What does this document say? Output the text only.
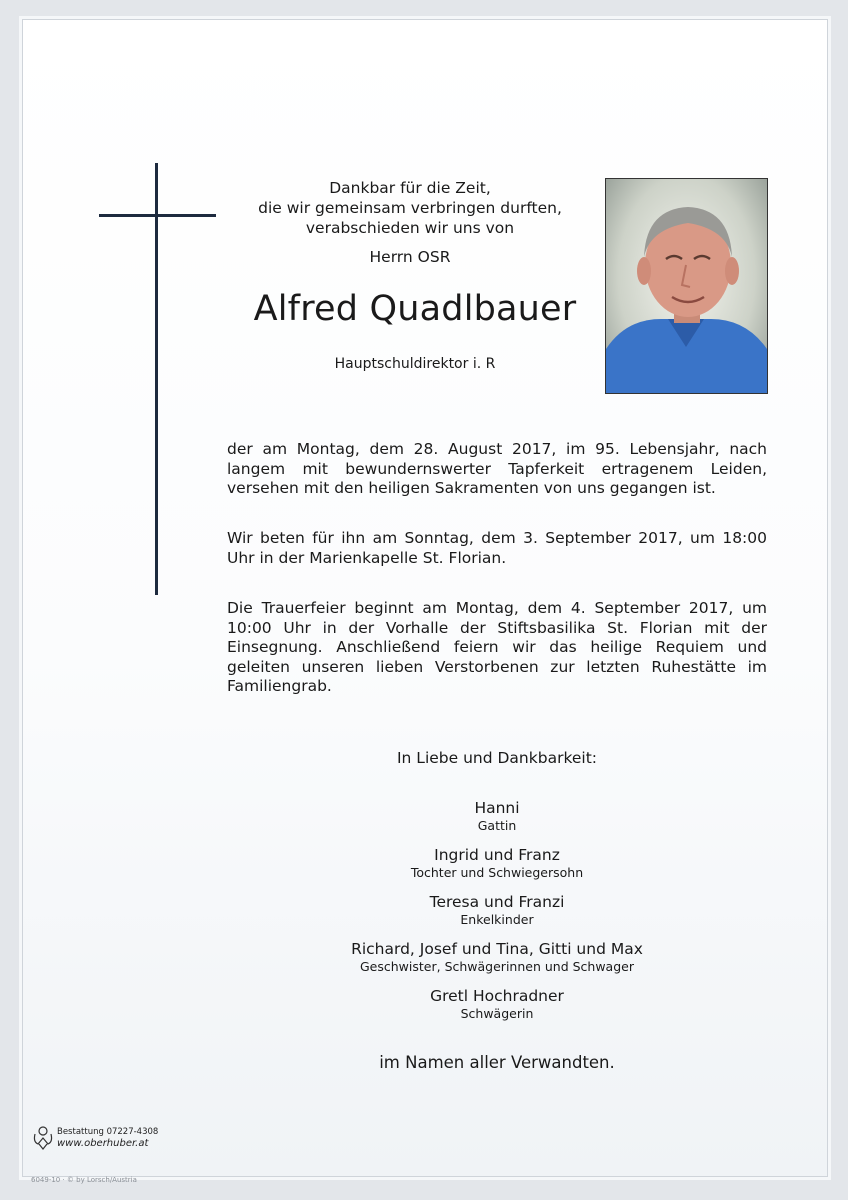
Dankbar für die Zeit,
die wir gemeinsam verbringen durften,
verabschieden wir uns von
Herrn OSR
Alfred Quadlbauer
Hauptschuldirektor i. R
der am Montag, dem 28. August 2017, im 95. Lebensjahr, nach langem mit bewundernswerter Tapferkeit ertragenem Leiden, versehen mit den heiligen Sakramenten von uns gegangen ist.
Wir beten für ihn am Sonntag, dem 3. September 2017, um 18:00 Uhr in der Marienkapelle St. Florian.
Die Trauerfeier beginnt am Montag, dem 4. September 2017, um 10:00 Uhr in der Vorhalle der Stiftsbasilika St. Florian mit der Einsegnung. Anschließend feiern wir das heilige Requiem und geleiten unseren lieben Verstorbenen zur letzten Ruhestätte im Familiengrab.
In Liebe und Dankbarkeit:
Hanni
Gattin
Ingrid und Franz
Tochter und Schwiegersohn
Teresa und Franzi
Enkelkinder
Richard, Josef und Tina, Gitti und Max
Geschwister, Schwägerinnen und Schwager
Gretl Hochradner
Schwägerin
im Namen aller Verwandten.
Bestattung 07227-4308
www.oberhuber.at
6049-10 · © by Lorsch/Austria
